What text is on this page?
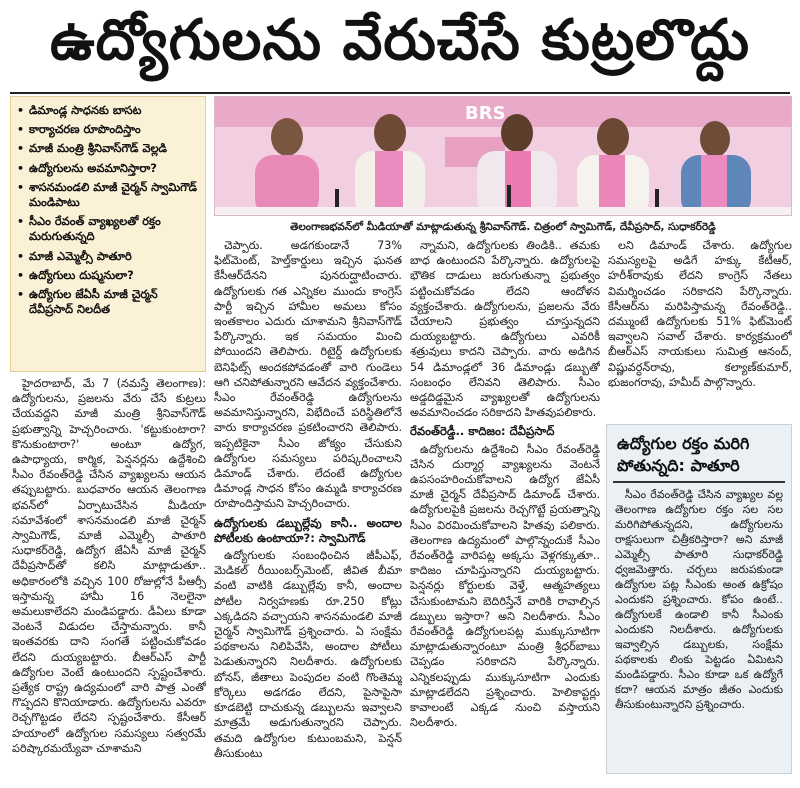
ఉద్యోగులను వేరుచేసే కుట్రలొద్దు
• డిమాండ్ల సాధనకు బాసట
• కార్యాచరణ రూపొందిస్తాం
• మాజీ మంత్రి శ్రీనివాస్‌గౌడ్ వెల్లడి
• ఉద్యోగులను అవమానిస్తారా?
• శాసనమండలి మాజీ చైర్మన్ స్వామిగౌడ్ మండిపాటు
• సీఎం రేవంత్ వ్యాఖ్యలతో రక్తం మరుగుతున్నది
• మాజీ ఎమ్మెల్సీ పాతూరి
• ఉద్యోగులు దుష్మనులా?
• ఉద్యోగుల జేఏసీ మాజీ చైర్మన్ దేవీప్రసాద్ నిలదీత
BRS
తెలంగాణభవన్‌లో మీడియాతో మాట్లాడుతున్న శ్రీనివాస్‌గౌడ్. చిత్రంలో స్వామిగౌడ్, దేవీప్రసాద్, సుధాకర్‌రెడ్డి

హైదరాబాద్, మే 7 (నమస్తే తెలంగాణ): ఉద్యోగులను, ప్రజలను వేరు చేసే కుట్రలు చేయవద్దని మాజీ మంత్రి శ్రీనివాస్‌గౌడ్ ప్రభుత్వాన్ని హెచ్చరించారు. 'కట్టుకుంటారా? కొనుకుంటారా?' అంటూ ఉద్యోగ, ఉపాధ్యాయ, కార్మిక, పెన్షనర్లను ఉద్దేశించి సీఎం రేవంత్‌రెడ్డి చేసిన వ్యాఖ్యలను ఆయన తప్పుబట్టారు. బుధవారం ఆయన తెలంగాణ భవన్‌లో ఏర్పాటుచేసిన మీడియా సమావేశంలో శాసనమండలి మాజీ చైర్మన్ స్వామిగౌడ్, మాజీ ఎమ్మెల్సీ పాతూరి సుధాకర్‌రెడ్డి, ఉద్యోగ జేఏసీ మాజీ చైర్మన్ దేవీప్రసాద్‌తో కలిసి మాట్లాడుతూ.. అధికారంలోకి వచ్చిన 100 రోజుల్లోనే పీఆర్సీ ఇస్తామన్న హామీ 16 నెలలైనా అమలుకాలేదని మండిపడ్డారు. డీఏలు కూడా వెంటనే విడుదల చేస్తామన్నారు. కానీ ఇంతవరకు దాని సంగతే పట్టించుకోవడం లేదని దుయ్యబట్టారు. బీఆర్‌ఎస్ పార్టీ ఉద్యోగుల వెంటే ఉంటుందని స్పష్టంచేశారు. ప్రత్యేక రాష్ట్ర ఉద్యమంలో వారి పాత్ర ఎంతో గొప్పదని కొనియాడారు. ఉద్యోగులను ఎవరూ రెచ్చగొట్టడం లేదని స్పష్టంచేశారు. కేసీఆర్ హయాంలో ఉద్యోగుల సమస్యలు సత్వరమే పరిష్కారమయ్యేవా చూశామని

చెప్పారు. అడగకుండానే 73% ఫిట్‌మెంట్, హెల్త్‌కార్డులు ఇచ్చిన ఘనత కేసీఆర్‌దేనని పునరుద్ఘాటించారు. ఉద్యోగులకు గత ఎన్నికల ముందు కాంగ్రెస్ పార్టీ ఇచ్చిన హామీల అమలు కోసం ఇంతకాలం ఎదురు చూశామని శ్రీనివాస్‌గౌడ్ పేర్కొన్నారు. ఇక సమయం మించి పోయిందని తెలిపారు. రిటైర్డ్ ఉద్యోగులకు బెనిఫిట్స్ అందకపోవడంతో వారి గుండెలు ఆగి చనిపోతున్నారని ఆవేదన వ్యక్తంచేశారు. సీఎం రేవంత్‌రెడ్డి ఉద్యోగులను అవమానిస్తున్నారని, విభేదించే పరిస్థితిలోనే వారు కార్యాచరణ ప్రకటించారని తెలిపారు. ఇప్పటికైనా సీఎం జోక్యం చేసుకుని ఉద్యోగుల సమస్యలు పరిష్కరించాలని డిమాండ్ చేశారు. లేదంటే ఉద్యోగుల డిమాండ్ల సాధన కోసం ఉమ్మడి కార్యాచరణ రూపొందిస్తామని హెచ్చరించారు.

ఉద్యోగులకు డబ్బుల్లేవు కానీ.. అందాల పోటీలకు ఉంటాయా?: స్వామిగౌడ్

ఉద్యోగులకు సంబంధించిన జీపీఎఫ్, మెడికల్ రీయింబర్స్‌మెంట్, జీవిత బీమా వంటి వాటికి డబ్బుల్లేవు కానీ, అందాల పోటీల నిర్వహణకు రూ.250 కోట్లు ఎక్కడిదని వచ్చాయని శాసనమండలి మాజీ చైర్మన్ స్వామిగౌడ్ ప్రశ్నించారు. ఏ సంక్షేమ పథకాలను నిలిపివేసి, అందాల పోటీలు పెడుతున్నారని నిలదీశారు. ఉద్యోగులకు బోనస్, జీతాలు పెంపుదల వంటి గొంతెమ్మ కోర్కెలు అడగడం లేదని, పైసాపైసా కూడబెట్టి దాచుకున్న డబ్బులను ఇవ్వాలని మాత్రమే అడుగుతున్నారని చెప్పారు. తమది ఉద్యోగుల కుటుంబమని, పెన్షన్ తీసుకుంటు

న్నామని, ఉద్యోగులకు తిండికి.. తమకు బాధ ఉంటుందని పేర్కొన్నారు. ఉద్యోగులపై భౌతిక దాడులు జరుగుతున్నా ప్రభుత్వం పట్టించుకోవడం లేదని ఆందోళన వ్యక్తంచేశారు. ఉద్యోగులను, ప్రజలను వేరు చేయాలని ప్రభుత్వం చూస్తున్నదని దుయ్యబట్టారు. ఉద్యోగులు ఎవరికీ శత్రువులు కాదని చెప్పారు. వారు అడిగిన 54 డిమాండ్లలో 36 డిమాండ్లు డబ్బుతో సంబంధం లేనివని తెలిపారు. సీఎం అడ్డదిడ్డమైన వ్యాఖ్యలతో ఉద్యోగులను అవమానించడం సరికాదని హితవుపలికారు.

రేవంత్‌రెడ్డీ.. కాదిజం: దేవీప్రసాద్

ఉద్యోగులను ఉద్దేశించి సీఎం రేవంత్‌రెడ్డి చేసిన దుర్మార్గ వ్యాఖ్యలను వెంటనే ఉపసంహరించుకోవాలని ఉద్యోగ జేఏసీ మాజీ చైర్మన్ దేవీప్రసాద్ డిమాండ్ చేశారు. ఉద్యోగులపైకి ప్రజలను రెచ్చగొట్టే ప్రయత్నాన్ని సీఎం విరమించుకోవాలని హితవు పలికారు. తెలంగాణ ఉద్యమంలో పాల్గొన్నందుకే సీఎం రేవంత్‌రెడ్డి వారిపట్ల అక్కసు వెళ్లగక్కుతూ.. కాదిజం చూపిస్తున్నారని దుయ్యబట్టారు. పెన్షనర్లు కోర్టులకు వెళ్తే, ఆత్మహత్యలు చేసుకుంటామని బెదిరిస్తేనే వారికి రావాల్సిన డబ్బులు ఇస్తారా? అని నిలదీశారు. సీఎం రేవంత్‌రెడ్డి ఉద్యోగులపట్ల ముక్కుసూటిగా మాట్లాడుతున్నారంటూ మంత్రి శ్రీధర్‌బాబు చెప్పడం సరికాదని పేర్కొన్నారు. ఎన్నికలప్పుడు ముక్కుసూటిగా ఎందుకు మాట్లాడలేదని ప్రశ్నించారు. హెలికాప్టర్లు కావాలంటే ఎక్కడ నుంచి వస్తాయని నిలదీశారు.

లని డిమాండ్ చేశారు. ఉద్యోగుల సమస్యలపై అడిగే హక్కు కేటీఆర్, హరీశ్‌రావుకు లేదని కాంగ్రెస్ నేతలు విమర్శించడం సరికాదని పేర్కొన్నారు. కేసీఆర్‌ను మరిపిస్తామన్న రేవంత్‌రెడ్డి.. దమ్ముంటే ఉద్యోగులకు 51% ఫిట్‌మెంట్ ఇవ్వాలని సవాల్ చేశారు. కార్యక్రమంలో బీఆర్‌ఎస్ నాయకులు సుమిత్ర ఆనంద్, విష్ణువర్ధన్‌రావు, కల్యాణ్‌కుమార్, భుజంగరావు, హమీద్ పాల్గొన్నారు.

ఉద్యోగుల రక్తం మరిగి పోతున్నది: పాతూరి

సీఎం రేవంత్‌రెడ్డి చేసిన వ్యాఖ్యల వల్ల తెలంగాణ ఉద్యోగుల రక్తం సల సల మరిగిపోతున్నదని, ఉద్యోగులను రాక్షసులుగా చిత్రీకరిస్తారా? అని మాజీ ఎమ్మెల్సీ పాతూరి సుధాకర్‌రెడ్డి ధ్వజమెత్తారు. చర్చలు జరుపకుండా ఉద్యోగుల పట్ల సీఎంకు అంత ఉక్రోషం ఎందుకని ప్రశ్నించారు. కోపం ఉంటే.. ఉద్యోగులకే ఉండాలి కానీ సీఎంకు ఎందుకని నిలదీశారు. ఉద్యోగులకు ఇవ్వాల్సిన డబ్బులకు, సంక్షేమ పథకాలకు లింకు పెట్టడం ఏమిటని మండిపడ్డారు. సీఎం కూడా ఒక ఉద్యోగే కదా? ఆయన మాత్రం జీతం ఎందుకు తీసుకుంటున్నారని ప్రశ్నించారు.
